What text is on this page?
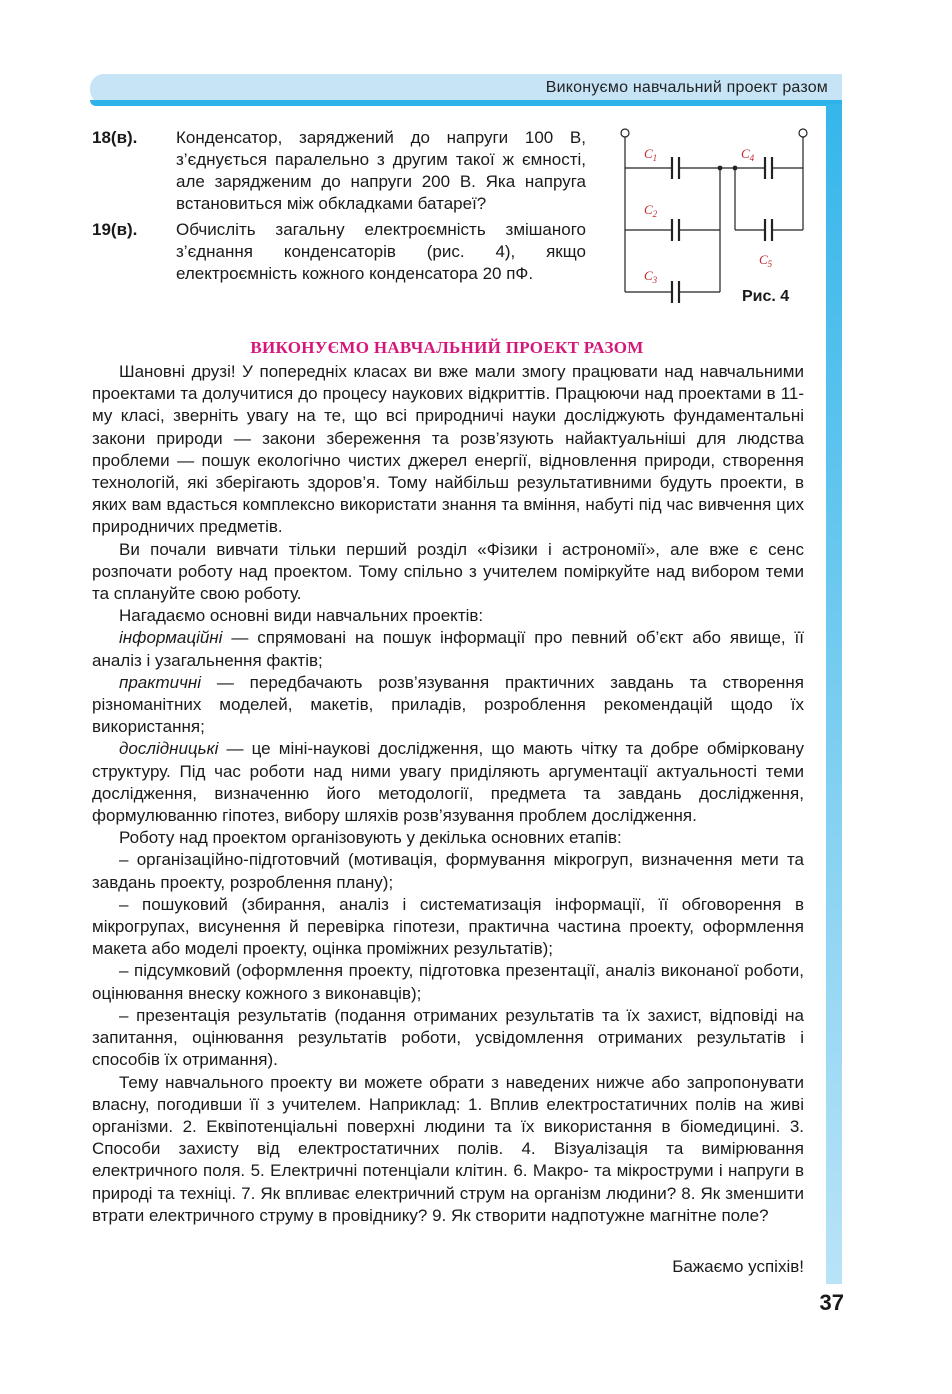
Виконуємо навчальний проект разом
18(в). Конденсатор, заряджений до напруги 100 В, з’єднується паралельно з другим такої ж ємності, але зарядженим до напруги 200 В. Яка напруга встановиться між обкладками батареї?
19(в). Обчисліть загальну електроємність змішаного з’єднання конденсаторів (рис. 4), якщо електроємність кожного конденсатора 20 пФ.
$C_1$
$C_2$
$C_3$
$C_4$
$C_5$
Рис. 4
ВИКОНУЄМО НАВЧАЛЬНИЙ ПРОЕКТ РАЗОМ

Шановні друзі! У попередніх класах ви вже мали змогу працювати над навчальними проектами та долучитися до процесу наукових відкриттів. Працюючи над проектами в 11-му класі, зверніть увагу на те, що всі природничі науки досліджують фундаментальні закони природи — закони збереження та розв’язують найактуальніші для людства проблеми — пошук екологічно чистих джерел енергії, відновлення природи, створення технологій, які зберігають здоров’я. Тому найбільш результативними будуть проекти, в яких вам вдасться комплексно використати знання та вміння, набуті під час вивчення цих природничих предметів.

Ви почали вивчати тільки перший розділ «Фізики і астрономії», але вже є сенс розпочати роботу над проектом. Тому спільно з учителем поміркуйте над вибором теми та сплануйте свою роботу.

Нагадаємо основні види навчальних проектів:

інформаційні — спрямовані на пошук інформації про певний об’єкт або явище, її аналіз і узагальнення фактів;

практичні — передбачають розв’язування практичних завдань та створення різноманітних моделей, макетів, приладів, розроблення рекомендацій щодо їх використання;

дослідницькі — це міні-наукові дослідження, що мають чітку та добре обмірковану структуру. Під час роботи над ними увагу приділяють аргументації актуальності теми дослідження, визначенню його методології, предмета та завдань дослідження, формулюванню гіпотез, вибору шляхів розв’язування проблем дослідження.

Роботу над проектом організовують у декілька основних етапів:

– організаційно-підготовчий (мотивація, формування мікрогруп, визначення мети та завдань проекту, розроблення плану);

– пошуковий (збирання, аналіз і систематизація інформації, її обговорення в мікрогрупах, висунення й перевірка гіпотези, практична частина проекту, оформлення макета або моделі проекту, оцінка проміжних результатів);

– підсумковий (оформлення проекту, підготовка презентації, аналіз виконаної роботи, оцінювання внеску кожного з виконавців);

– презентація результатів (подання отриманих результатів та їх захист, відповіді на запитання, оцінювання результатів роботи, усвідомлення отриманих результатів і способів їх отримання).

Тему навчального проекту ви можете обрати з наведених нижче або запропонувати власну, погодивши її з учителем. Наприклад: 1. Вплив електростатичних полів на живі організми. 2. Еквіпотенціальні поверхні людини та їх використання в біомедицині. 3. Способи захисту від електростатичних полів. 4. Візуалізація та вимірювання електричного поля. 5. Електричні потенціали клітин. 6. Макро- та мікроструми і напруги в природі та техніці. 7. Як впливає електричний струм на організм людини? 8. Як зменшити втрати електричного струму в провіднику? 9. Як створити надпотужне магнітне поле?

Бажаємо успіхів!
37
